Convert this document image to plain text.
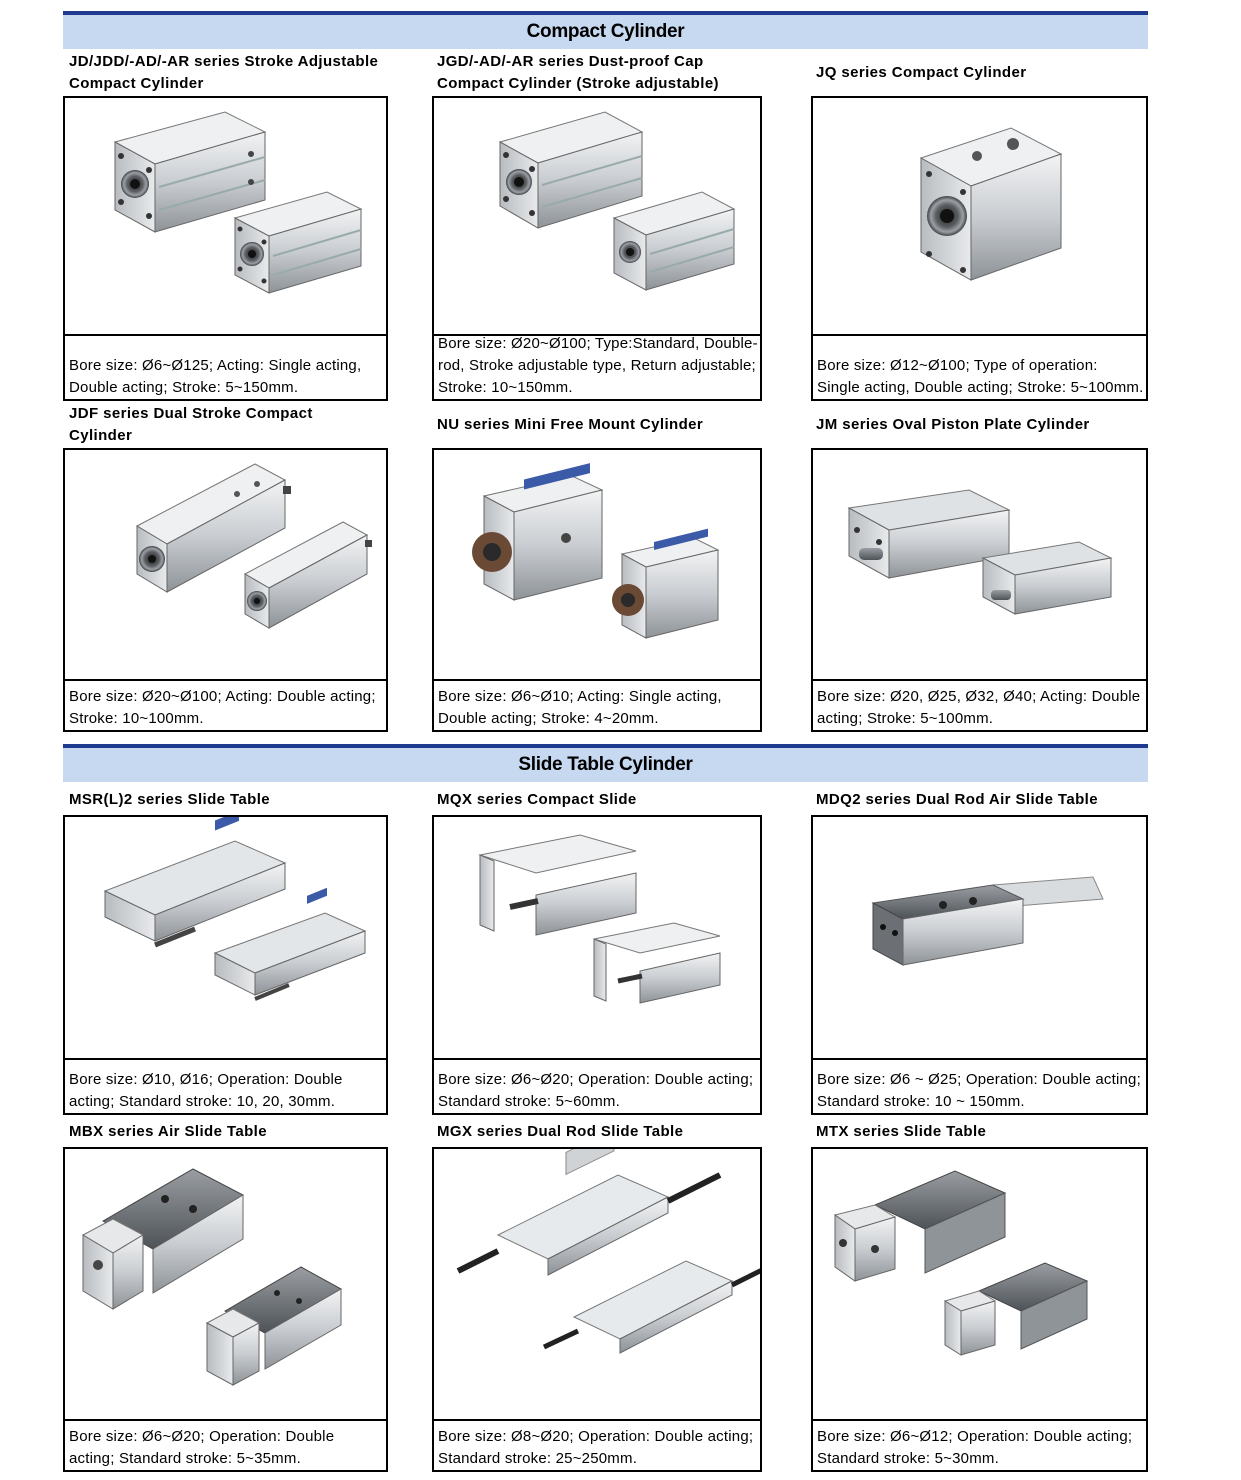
Compact Cylinder
JD/JDD/-AD/-AR series Stroke Adjustable Compact Cylinder
Bore size: Ø6~Ø125; Acting: Single acting, Double acting; Stroke: 5~150mm.
JGD/-AD/-AR series Dust-proof Cap Compact Cylinder (Stroke adjustable)
Bore size: Ø20~Ø100; Type:Standard, Double-rod, Stroke adjustable type, Return adjustable; Stroke: 10~150mm.
JQ series Compact Cylinder
Bore size: Ø12~Ø100; Type of operation: Single acting, Double acting; Stroke: 5~100mm.
JDF series Dual Stroke Compact Cylinder
Bore size: Ø20~Ø100; Acting: Double acting; Stroke: 10~100mm.
NU series Mini Free Mount Cylinder
Bore size: Ø6~Ø10; Acting: Single acting, Double acting; Stroke: 4~20mm.
JM series Oval Piston Plate Cylinder
Bore size: Ø20, Ø25, Ø32, Ø40; Acting: Double acting; Stroke: 5~100mm.
Slide Table Cylinder
MSR(L)2 series Slide Table
Bore size: Ø10, Ø16; Operation: Double acting; Standard stroke: 10, 20, 30mm.
MQX series Compact Slide
Bore size: Ø6~Ø20; Operation: Double acting; Standard stroke: 5~60mm.
MDQ2 series Dual Rod Air Slide Table
Bore size: Ø6 ~ Ø25; Operation: Double acting; Standard stroke: 10 ~ 150mm.
MBX series Air Slide Table
Bore size: Ø6~Ø20; Operation: Double acting; Standard stroke: 5~35mm.
MGX series Dual Rod Slide Table
Bore size: Ø8~Ø20; Operation: Double acting; Standard stroke: 25~250mm.
MTX series Slide Table
Bore size: Ø6~Ø12; Operation: Double acting; Standard stroke: 5~30mm.
